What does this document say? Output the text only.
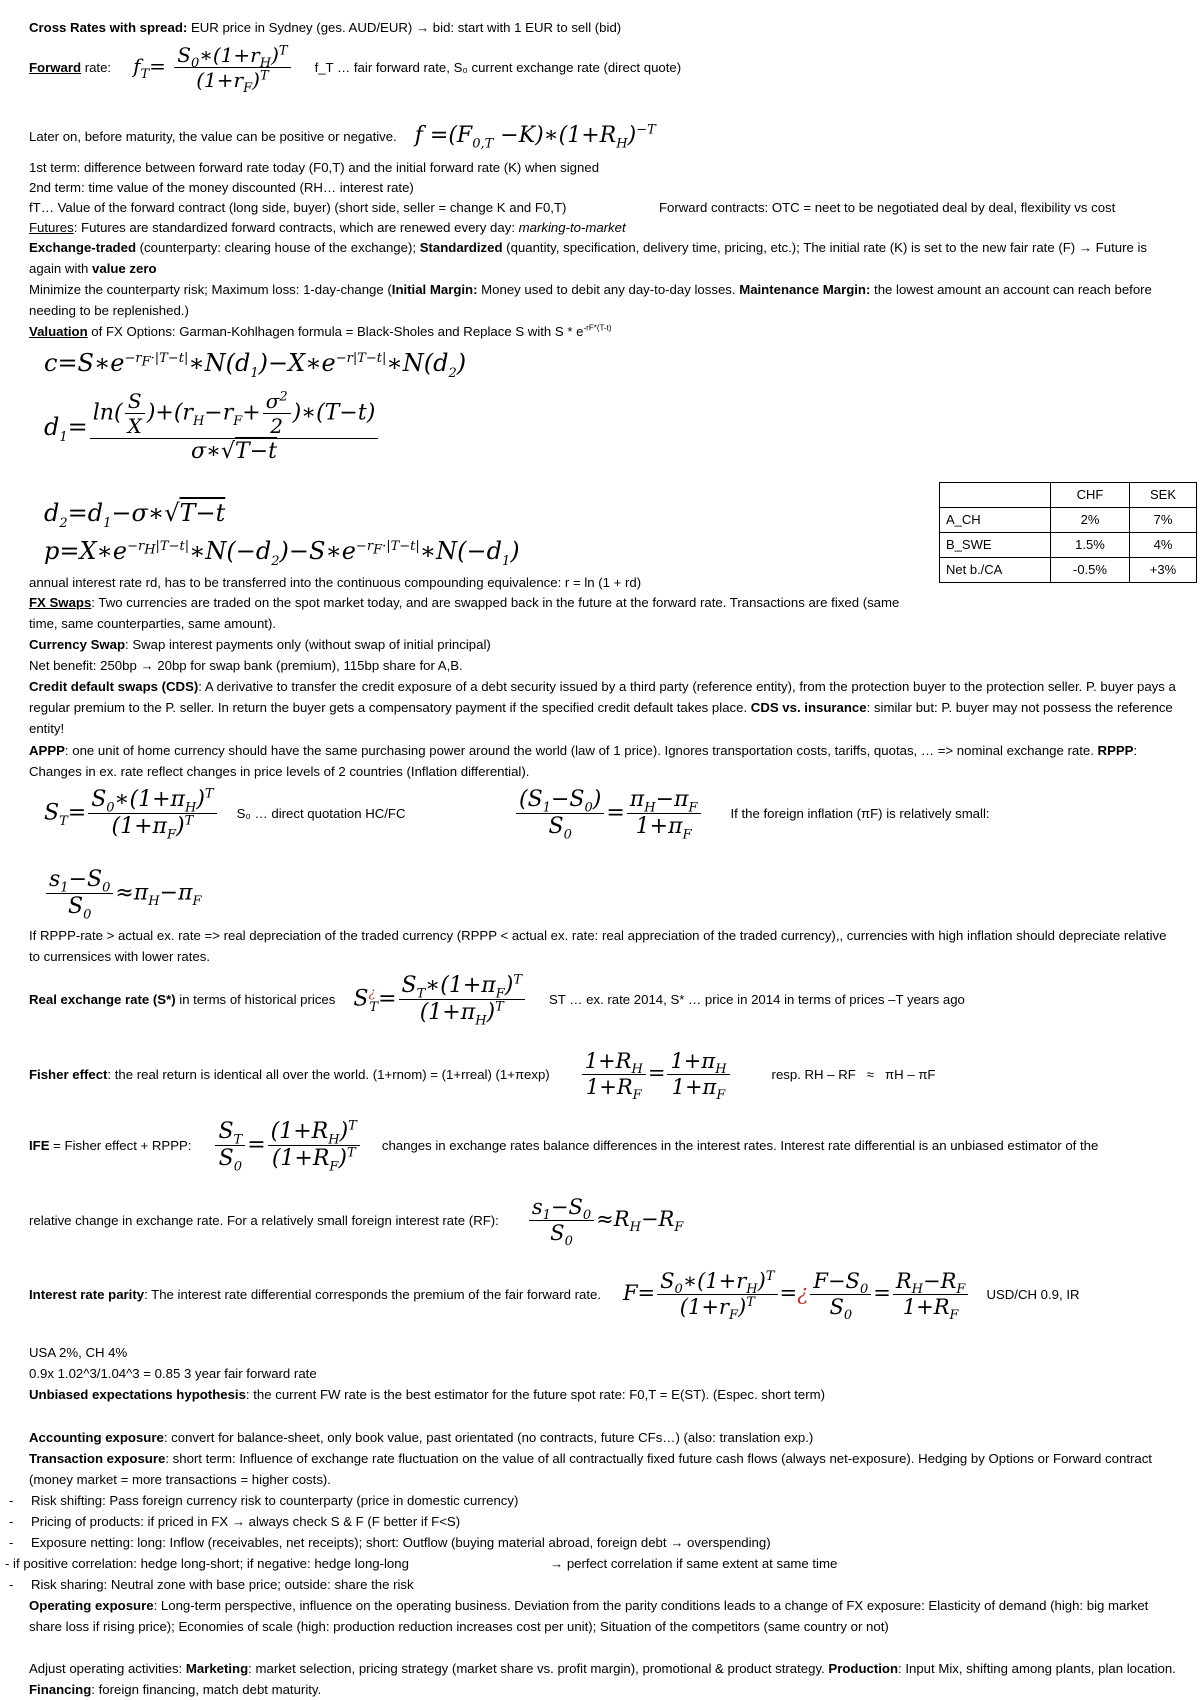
Cross Rates with spread: EUR price in Sydney (ges. AUD/EUR) → bid: start with 1 EUR to sell (bid)
Forward rate: $f_T= \frac{S_0∗(1+r_H)^T}{(1+r_F)^T}$ f_T … fair forward rate, S₀ current exchange rate (direct quote)
Later on, before maturity, the value can be positive or negative. $f =(F_{0,T}$ $-K)∗(1+R_H)^{-T}$
1st term: difference between forward rate today (F0,T) and the initial forward rate (K) when signed
2nd term: time value of the money discounted (RH… interest rate)
fT… Value of the forward contract (long side, buyer) (short side, seller = change K and F0,T)	Forward contracts: OTC = neet to be negotiated deal by deal, flexibility vs cost
Futures: Futures are standardized forward contracts, which are renewed every day: marking-to-market
Exchange-traded (counterparty: clearing house of the exchange); Standardized (quantity, specification, delivery time, pricing, etc.); The initial rate (K) is set to the new fair rate (F) → Future is again with value zero
Minimize the counterparty risk; Maximum loss: 1-day-change (Initial Margin: Money used to debit any day-to-day losses. Maintenance Margin: the lowest amount an account can reach before needing to be replenished.)
Valuation of FX Options: Garman-Kohlhagen formula = Black-Sholes and Replace S with S * $e^{-rF*(T-t)}$
$c=S∗e^{-r_F\cdot|T-t|}∗N(d_1)-X∗e^{-r|T-t|}∗N(d_2)$
$d_1= \frac{\ln( \frac{S}{X} )+(r_H-r_F+ \frac{\sigma^2}{2} )∗(T-t)}{\sigma∗√T-t}$
$d_2=d_1-\sigma∗√T-t$
$p=X∗e^{-r_H|T-t|}∗N(-d_2)-S∗e^{-r_F\cdot|T-t|}∗N(-d_1)$
annual interest rate rd, has to be transferred into the continuous compounding equivalence: r = ln (1 + rd)
FX Swaps: Two currencies are traded on the spot market today, and are swapped back in the future at the forward rate. Transactions are fixed (same time, same counterparties, same amount).
Currency Swap: Swap interest payments only (without swap of initial principal)
Net benefit: 250bp → 20bp for swap bank (premium), 115bp share for A,B.
Credit default swaps (CDS): A derivative to transfer the credit exposure of a debt security issued by a third party (reference entity), from the protection buyer to the protection seller. P. buyer pays a regular premium to the P. seller. In return the buyer gets a compensatory payment if the specified credit default takes place. CDS vs. insurance: similar but: P. buyer may not possess the reference entity!
APPP: one unit of home currency should have the same purchasing power around the world (law of 1 price). Ignores transportation costs, tariffs, quotas, … => nominal exchange rate. RPPP: Changes in ex. rate reflect changes in price levels of 2 countries (Inflation differential).
$S_T= \frac{S_0∗(1+\pi_H)^T}{(1+\pi_F)^T} S_0$ … direct quotation HC/FC	$\frac{(S_1-S_0)}{S_0} = \frac{\pi_H-\pi_F}{1+\pi_F}$ If the foreign inflation (πF) is relatively small:
$\frac{s_1-S_0}{S_0} \approx\pi_H-\pi_F$
If RPPP-rate > actual ex. rate => real depreciation of the traded currency (RPPP < actual ex. rate: real appreciation of the traded currency),, currencies with high inflation should depreciate relative to currensices with lower rates.
Real exchange rate (S*) in terms of historical prices $S^¿_T= \frac{S_T∗(1+\pi_F)^T}{(1+\pi_H)^T}$ ST … ex. rate 2014, S* … price in 2014 in terms of prices –T years ago
Fisher effect: the real return is identical all over the world. (1+rnom) = (1+rreal) $(1+\pi\exp) \frac{1+R_H}{1+R_F} = \frac{1+\pi_H}{1+\pi_F}$	resp. RH – RF   ≈   πH – πF
IFE = Fisher effect + RPPP: $\frac{S_T}{S_0} = \frac{(1+R_H)^T}{(1+R_F)^T}$ changes in exchange rates balance differences in the interest rates. Interest rate differential is an unbiased estimator of the
relative change in exchange rate. For a relatively small foreign interest rate (RF): $\frac{s_1-S_0}{S_0} \approx R_H-R_F$
Interest rate parity: The interest rate differential corresponds the premium of the fair forward rate. $F= \frac{S_0∗(1+r_H)^T}{(1+r_F)^T}$ =¿ $\frac{F-S_0}{S_0} = \frac{R_H-R_F}{1+R_F} USD/CH$ 0.9, IR
USA 2%, CH 4%
0.9x 1.02^3/1.04^3 = 0.85 3 year fair forward rate
Unbiased expectations hypothesis: the current FW rate is the best estimator for the future spot rate: F0,T = E(ST). (Espec. short term)
Accounting exposure: convert for balance-sheet, only book value, past orientated (no contracts, future CFs…) (also: translation exp.)
Transaction exposure: short term: Influence of exchange rate fluctuation on the value of all contractually fixed future cash flows (always net-exposure). Hedging by Options or Forward contract (money market = more transactions = higher costs).
- Risk shifting: Pass foreign currency risk to counterparty (price in domestic currency)
- Pricing of products: if priced in FX → always check S & F (F better if F<S)
- Exposure netting: long: Inflow (receivables, net receipts); short: Outflow (buying material abroad, foreign debt → overspending)
- if positive correlation: hedge long-short; if negative: hedge long-long	→ perfect correlation if same extent at same time
- Risk sharing: Neutral zone with base price; outside: share the risk
Operating exposure: Long-term perspective, influence on the operating business. Deviation from the parity conditions leads to a change of FX exposure: Elasticity of demand (high: big market share loss if rising price); Economies of scale (high: production reduction increases cost per unit); Situation of the competitors (same country or not)
Adjust operating activities: Marketing: market selection, pricing strategy (market share vs. profit margin), promotional & product strategy. Production: Input Mix, shifting among plants, plan location. Financing: foreign financing, match debt maturity.
	CHF	SEK
A_CH	2%	7%
B_SWE	1.5%	4%
Net b./CA	-0.5%	+3%
